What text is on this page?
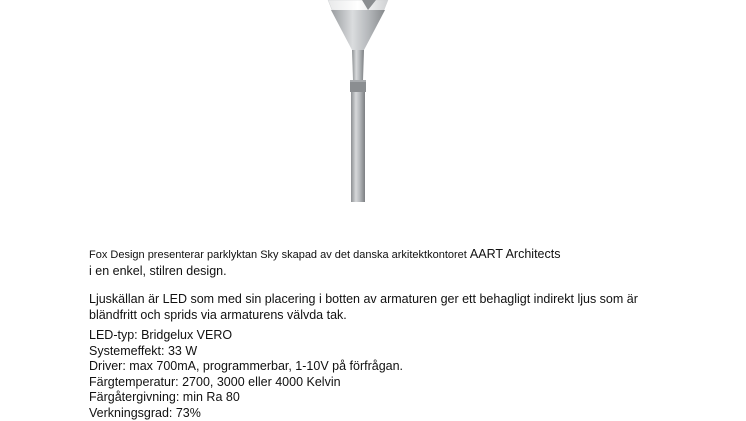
Fox Design presenterar parklyktan Sky skapad av det danska arkitektkontoret AART Architects
i en enkel, stilren design.
Ljuskällan är LED som med sin placering i botten av armaturen ger ett behagligt indirekt ljus som är
bländfritt och sprids via armaturens välvda tak.
LED-typ: Bridgelux VERO
Systemeffekt: 33 W
Driver: max 700mA, programmerbar, 1-10V på förfrågan.
Färgtemperatur: 2700, 3000 eller 4000 Kelvin
Färgåtergivning: min Ra 80
Verkningsgrad: 73%
